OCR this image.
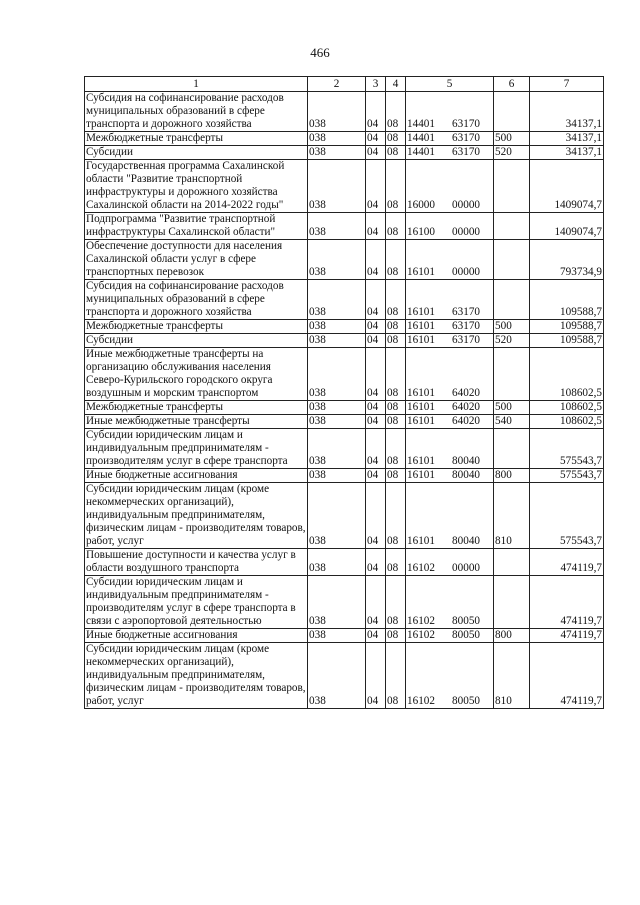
466
1	2	3	4	5	6	7
Субсидия на софинансирование расходов муниципальных образований в сфере транспорта и дорожного хозяйства	038	04	08	14401 63170		34137,1
Межбюджетные трансферты	038	04	08	14401 63170	500	34137,1
Субсидии	038	04	08	14401 63170	520	34137,1
Государственная программа Сахалинской области "Развитие транспортной инфраструктуры и дорожного хозяйства Сахалинской области на 2014-2022 годы"	038	04	08	16000 00000		1409074,7
Подпрограмма "Развитие транспортной инфраструктуры Сахалинской области"	038	04	08	16100 00000		1409074,7
Обеспечение доступности для населения Сахалинской области услуг в сфере транспортных перевозок	038	04	08	16101 00000		793734,9
Субсидия на софинансирование расходов муниципальных образований в сфере транспорта и дорожного хозяйства	038	04	08	16101 63170		109588,7
Межбюджетные трансферты	038	04	08	16101 63170	500	109588,7
Субсидии	038	04	08	16101 63170	520	109588,7
Иные межбюджетные трансферты на организацию обслуживания населения Северо-Курильского городского округа воздушным и морским транспортом	038	04	08	16101 64020		108602,5
Межбюджетные трансферты	038	04	08	16101 64020	500	108602,5
Иные межбюджетные трансферты	038	04	08	16101 64020	540	108602,5
Субсидии юридическим лицам и индивидуальным предпринимателям - производителям услуг в сфере транспорта	038	04	08	16101 80040		575543,7
Иные бюджетные ассигнования	038	04	08	16101 80040	800	575543,7
Субсидии юридическим лицам (кроме некоммерческих организаций), индивидуальным предпринимателям, физическим лицам - производителям товаров, работ, услуг	038	04	08	16101 80040	810	575543,7
Повышение доступности и качества услуг в области воздушного транспорта	038	04	08	16102 00000		474119,7
Субсидии юридическим лицам и индивидуальным предпринимателям - производителям услуг в сфере транспорта в связи с аэропортовой деятельностью	038	04	08	16102 80050		474119,7
Иные бюджетные ассигнования	038	04	08	16102 80050	800	474119,7
Субсидии юридическим лицам (кроме некоммерческих организаций), индивидуальным предпринимателям, физическим лицам - производителям товаров, работ, услуг	038	04	08	16102 80050	810	474119,7
